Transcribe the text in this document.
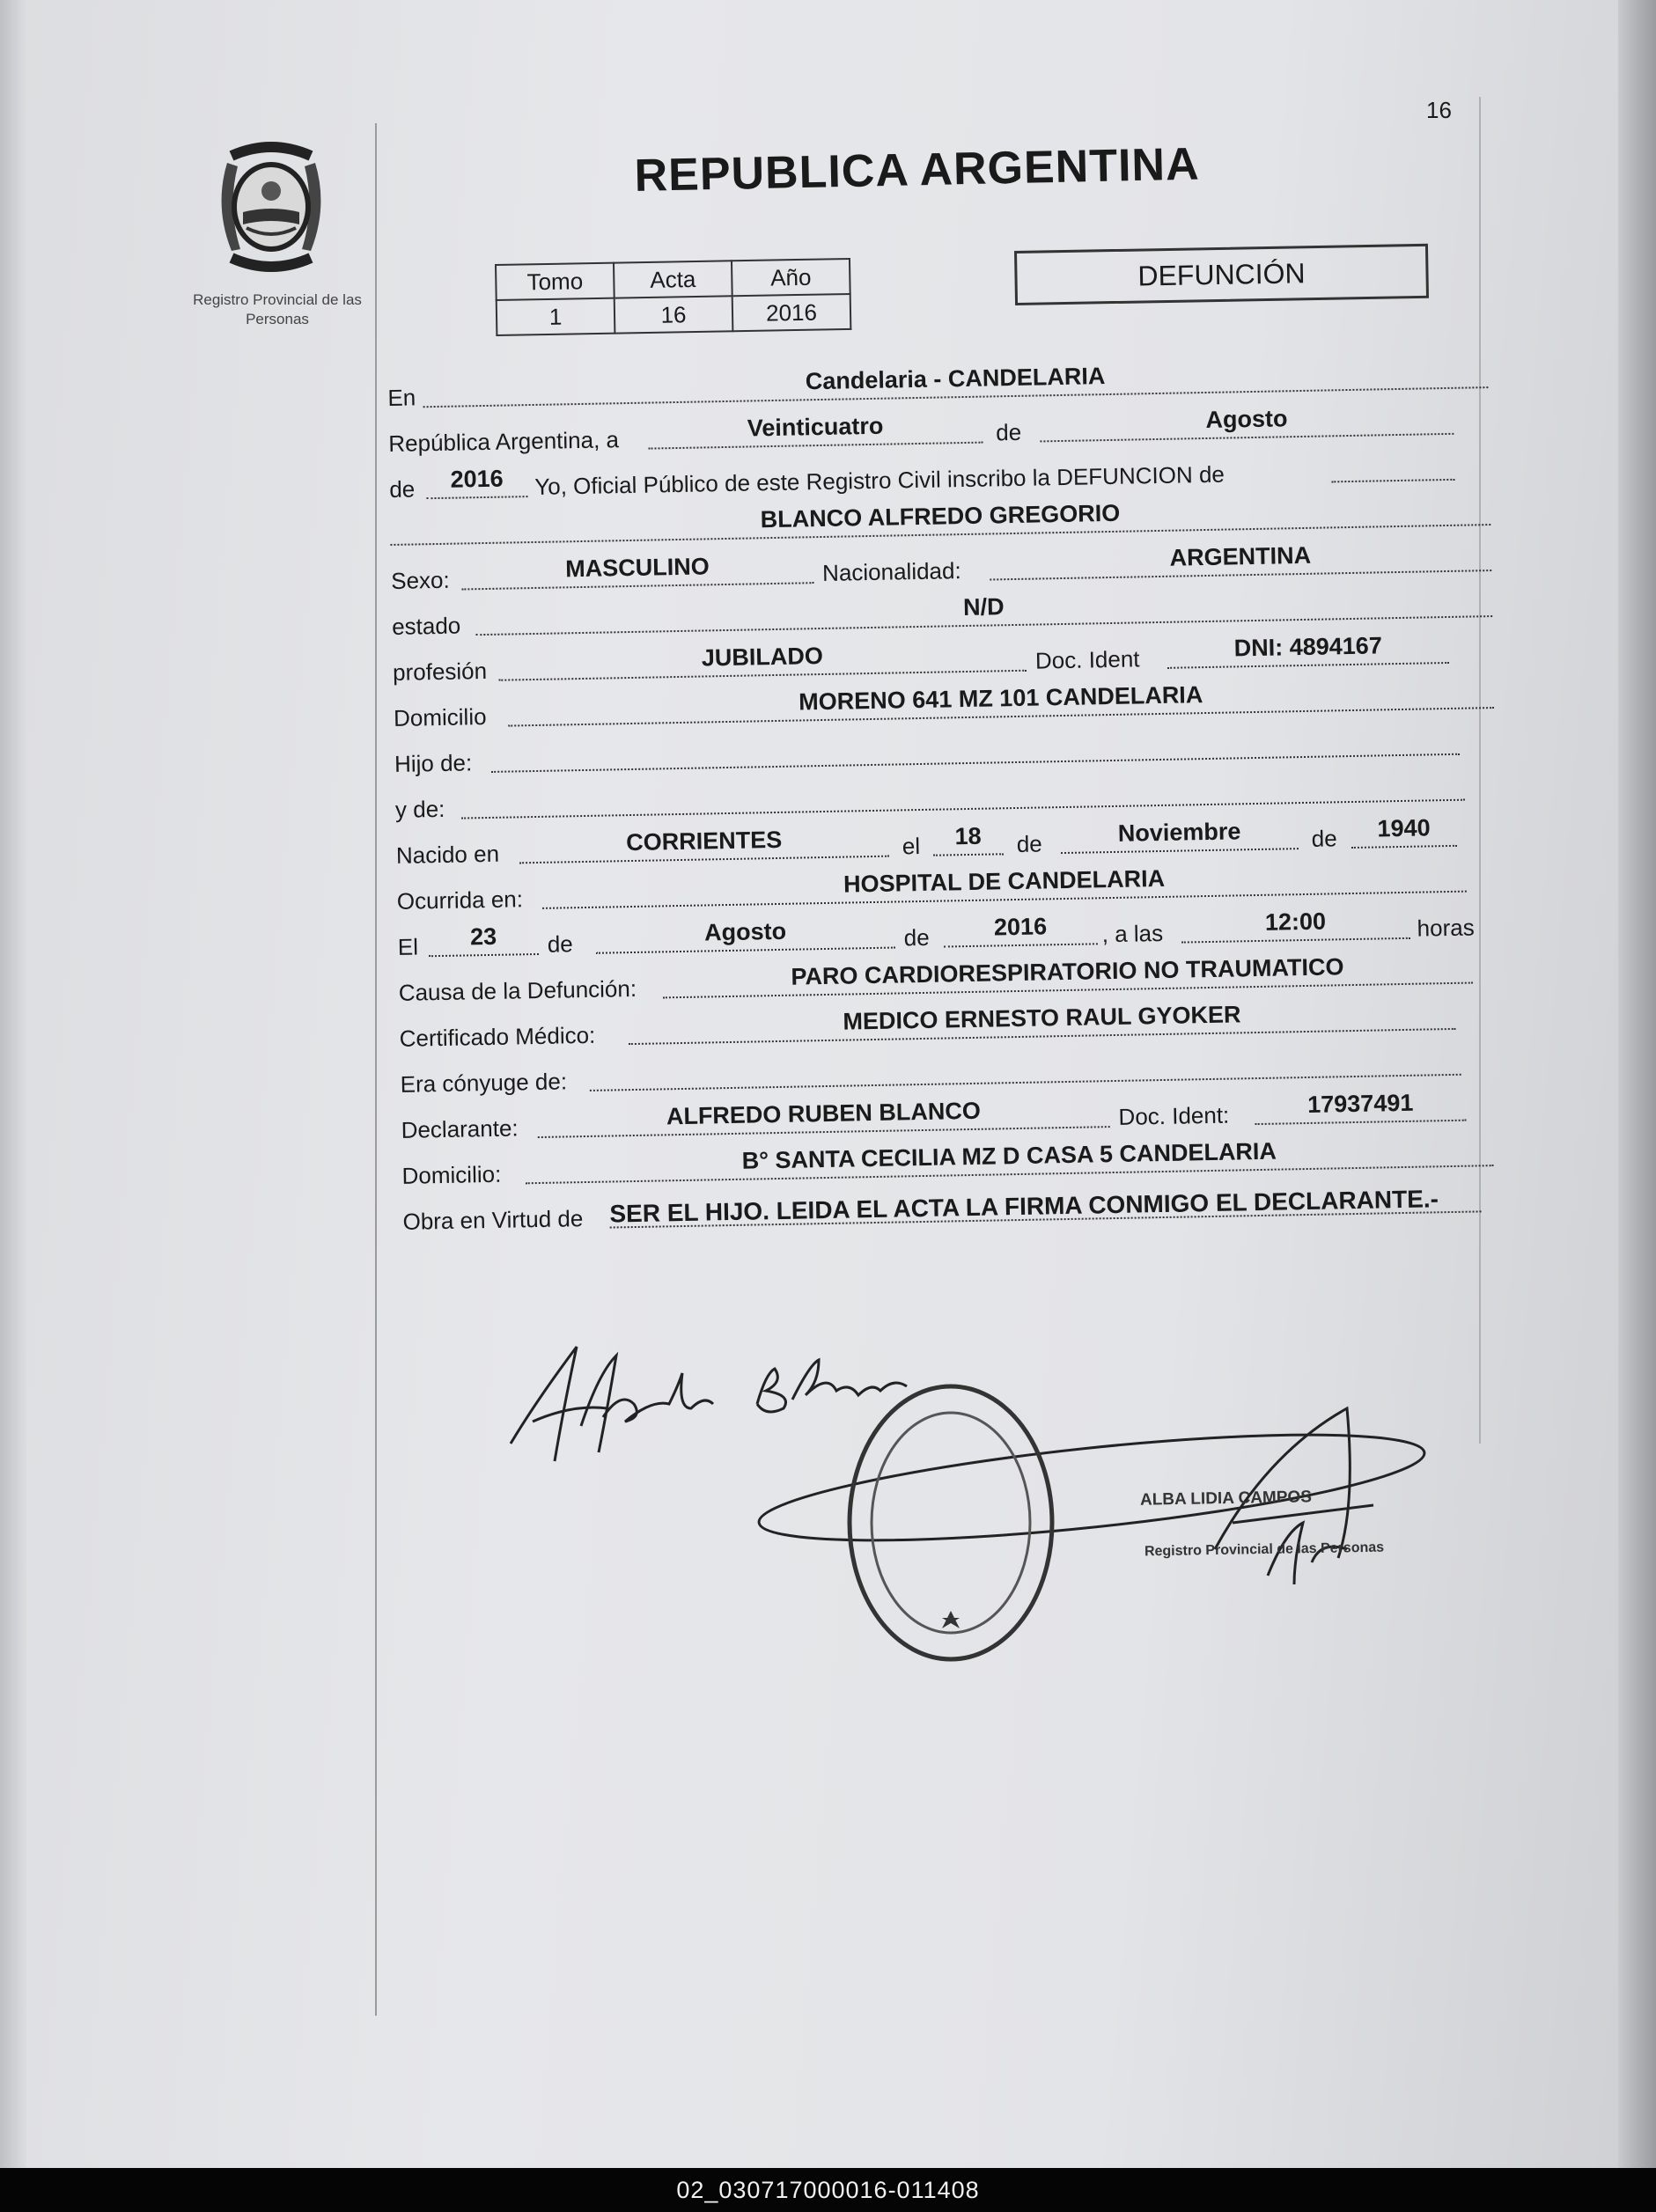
16
Registro Provincial de las Personas
REPUBLICA ARGENTINA
Tomo	Acta	Año
1	16	2016
DEFUNCIÓN
En
Candelaria - CANDELARIA
República Argentina, a	Veinticuatro	de	Agosto
de	2016	Yo, Oficial Público de este Registro Civil inscribo la DEFUNCION de
BLANCO ALFREDO GREGORIO
Sexo:	MASCULINO	Nacionalidad:
ARGENTINA
estado
N/D
profesión
JUBILADO	Doc. Ident	DNI: 4894167
Domicilio
MORENO 641 MZ 101 CANDELARIA
Hijo de:
y de:
Nacido en	CORRIENTES	el	18	de	Noviembre	de	1940
Ocurrida en:
HOSPITAL DE CANDELARIA
El	23	de	Agosto	de	2016	, a las	12:00	horas
Causa de la Defunción:
PARO CARDIORESPIRATORIO NO TRAUMATICO
Certificado Médico:
MEDICO ERNESTO RAUL GYOKER
Era cónyuge de:
Declarante:	ALFREDO RUBEN BLANCO	Doc. Ident:	17937491
Domicilio:
B° SANTA CECILIA MZ D CASA 5 CANDELARIA
Obra en Virtud de SER EL HIJO. LEIDA EL ACTA LA FIRMA CONMIGO EL DECLARANTE.-
ALBA LIDIA CAMPOS
Registro Provincial de las Personas
02_030717000016-011408
